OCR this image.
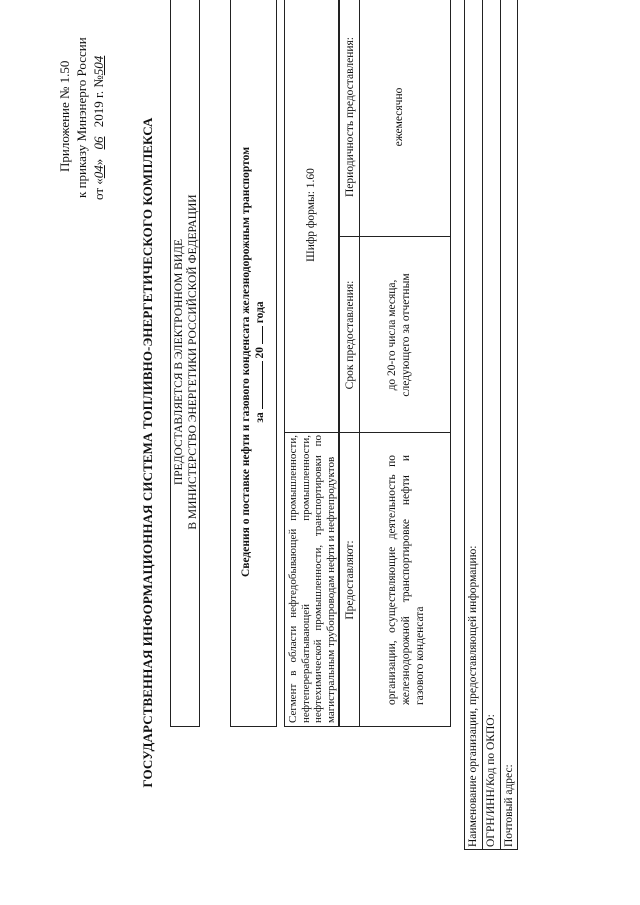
Приложение № 1.50 к приказу Минэнерго России от «04» 06 2019 г. №504
ГОСУДАРСТВЕННАЯ ИНФОРМАЦИОННАЯ СИСТЕМА ТОПЛИВНО-ЭНЕРГЕТИЧЕСКОГО КОМПЛЕКСА ПРЕДОСТАВЛЯЕТСЯ В ЭЛЕКТРОННОМ ВИДЕ В МИНИСТЕРСТВО ЭНЕРГЕТИКИ РОССИЙСКОЙ ФЕДЕРАЦИИ	Сведения о поставке нефти и газового конденсата железнодорожным транспортом за  20  года
Сегмент в области нефтедобывающей промышленности, нефтеперерабатывающей промышленности, нефтехимической промышленности, транспортировки по магистральным трубопроводам нефти и нефтепродуктов
Шифр формы: 1.60
Предоставляют:
Срок предоставления:
Периодичность предоставления:
организации, осуществляющие деятельность по железнодорожной транспортировке нефти и газового конденсата
до 20-го числа месяца, следующего за отчетным
ежемесячно
Наименование организации, предоставляющей информацию: ОГРН/ИНН/Код по ОКПО: Почтовый адрес:
